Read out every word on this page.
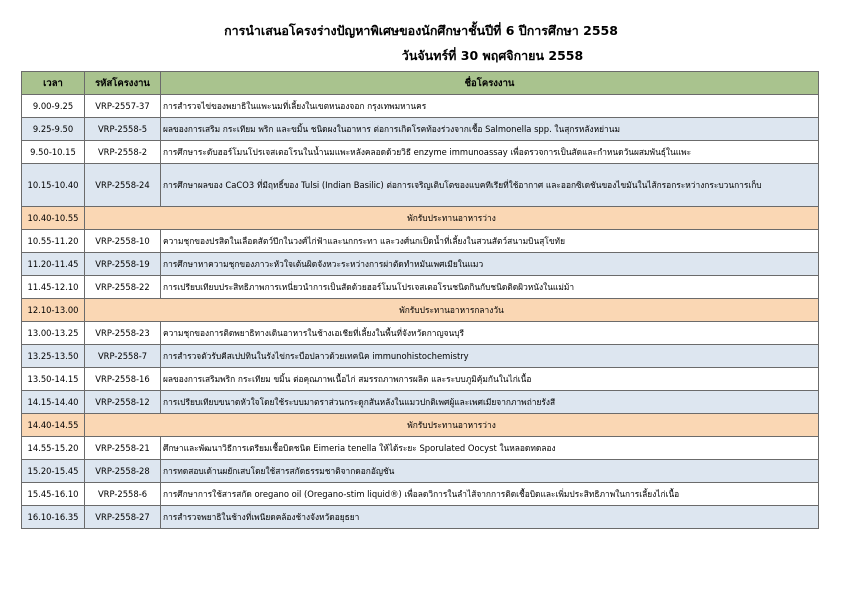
การนำเสนอโครงร่างปัญหาพิเศษของนักศึกษาชั้นปีที่ 6 ปีการศึกษา 2558
วันจันทร์ที่ 30 พฤศจิกายน 2558
เวลา	รหัสโครงงาน	ชื่อโครงงาน
9.00-9.25	VRP-2557-37	การสำรวจไข่ของพยาธิในแพะนมที่เลี้ยงในเขตหนองจอก กรุงเทพมหานคร
9.25-9.50	VRP-2558-5	ผลของการเสริม กระเทียม พริก และขมิ้น ชนิดผงในอาหาร ต่อการเกิดโรคท้องร่วงจากเชื้อ Salmonella spp. ในสุกรหลังหย่านม
9.50-10.15	VRP-2558-2	การศึกษาระดับฮอร์โมนโปรเจสเตอโรนในน้ำนมแพะหลังคลอดด้วยวิธี enzyme immunoassay เพื่อตรวจการเป็นสัดและกำหนดวันผสมพันธุ์ในแพะ
10.15-10.40	VRP-2558-24	การศึกษาผลของ CaCO3 ที่มีฤทธิ์ของ Tulsi (Indian Basilic) ต่อการเจริญเติบโตของแบคทีเรียที่ใช้อากาศ และออกซิเดชันของไขมันในไส้กรอกระหว่างกระบวนการเก็บ
10.40-10.55	พักรับประทานอาหารว่าง	
10.55-11.20	VRP-2558-10	ความชุกของปรสิตในเลือดสัตว์ปีกในวงศ์ไก่ฟ้าและนกกระทา และวงศ์นกเป็ดน้ำที่เลี้ยงในสวนสัตว์สนามบินสุโขทัย
11.20-11.45	VRP-2558-19	การศึกษาหาความชุกของภาวะหัวใจเต้นผิดจังหวะระหว่างการผ่าตัดทำหมันเพศเมียในแมว
11.45-12.10	VRP-2558-22	การเปรียบเทียบประสิทธิภาพการเหนี่ยวนำการเป็นสัดด้วยฮอร์โมนโปรเจสเตอโรนชนิดกินกับชนิดติดผิวหนังในแม่ม้า
12.10-13.00	พักรับประทานอาหารกลางวัน	
13.00-13.25	VRP-2558-23	ความชุกของการติดพยาธิทางเดินอาหารในช้างเอเชียที่เลี้ยงในพื้นที่จังหวัดกาญจนบุรี
13.25-13.50	VRP-2558-7	การสำรวจตัวรับคีสเปปทินในรังไข่กระบือปลาวด้วยเทคนิค immunohistochemistry
13.50-14.15	VRP-2558-16	ผลของการเสริมพริก กระเทียม ขมิ้น ต่อคุณภาพเนื้อไก่ สมรรถภาพการผลิต และระบบภูมิคุ้มกันในไก่เนื้อ
14.15-14.40	VRP-2558-12	การเปรียบเทียบขนาดหัวใจโดยใช้ระบบมาตราส่วนกระดูกสันหลังในแมวปกติเพศผู้และเพศเมียจากภาพถ่ายรังสี
14.40-14.55	พักรับประทานอาหารว่าง	
14.55-15.20	VRP-2558-21	ศึกษาและพัฒนาวิธีการเตรียมเชื้อบิดชนิด Eimeria tenella ให้ได้ระยะ Sporulated Oocyst ในหลอดทดลอง
15.20-15.45	VRP-2558-28	การทดสอบเด้านผยักเสบโดยใช้สารสกัดธรรมชาติจากดอกอัญชัน
15.45-16.10	VRP-2558-6	การศึกษาการใช้สารสกัด oregano oil (Oregano-stim liquid®) เพื่อลดวิการในลำไส้จากการติดเชื้อบิดและเพิ่มประสิทธิภาพในการเลี้ยงไก่เนื้อ
16.10-16.35	VRP-2558-27	การสำรวจพยาธิในช้างที่เพนียดคล้องช้างจังหวัดอยุธยา
